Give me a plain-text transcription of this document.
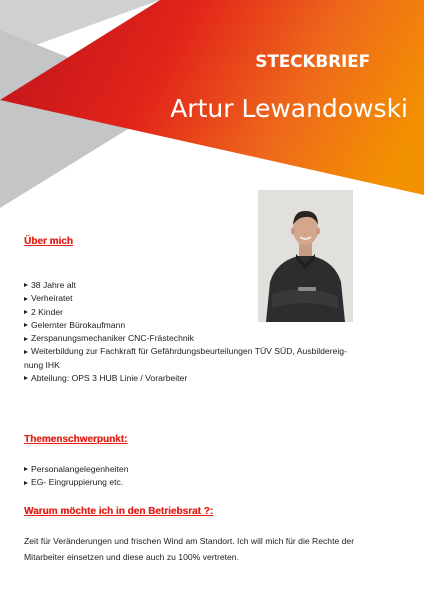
STECKBRIEF
Artur Lewandowski
Über mich
38 Jahre alt
Verheiratet
2 Kinder
Gelernter Bürokaufmann
Zerspanungsmechaniker CNC-Frästechnik
Weiterbildung zur Fachkraft für Gefährdungsbeurteilungen TÜV SÜD, Ausbildereig-
nung IHK
Abteilung: OPS 3 HUB Linie / Vorarbeiter
Themenschwerpunkt:
Personalangelegenheiten
EG- Eingruppierung etc.
Warum möchte ich in den Betriebsrat ?:

Zeit für Veränderungen und frischen Wind am Standort. Ich will mich für die Rechte der Mitarbeiter einsetzen und diese auch zu 100% vertreten.
